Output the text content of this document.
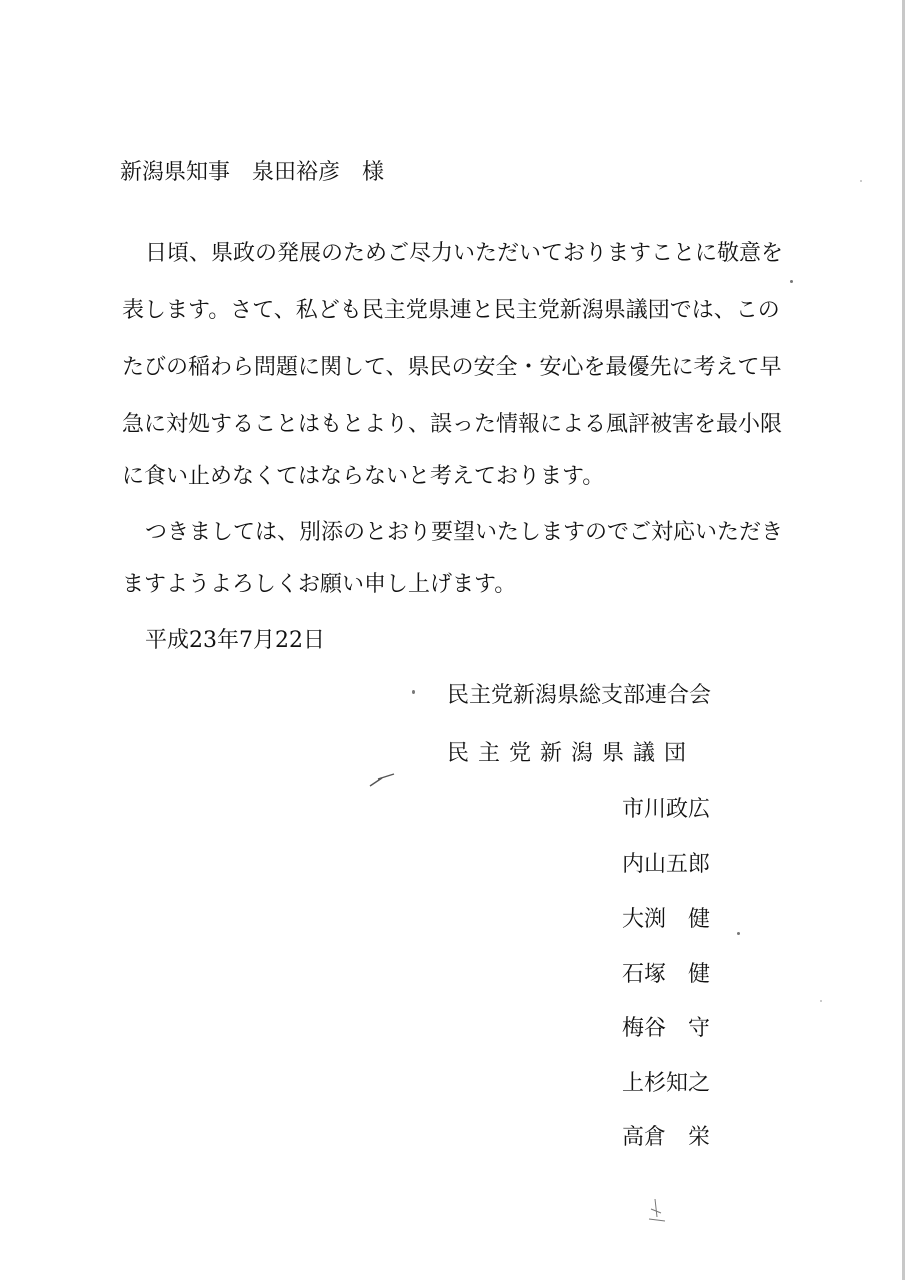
新潟県知事　泉田裕彦　様
日頃、県政の発展のためご尽力いただいておりますことに敬意を
表します。さて、私ども民主党県連と民主党新潟県議団では、この
たびの稲わら問題に関して、県民の安全・安心を最優先に考えて早
急に対処することはもとより、誤った情報による風評被害を最小限
に食い止めなくてはならないと考えております。
つきましては、別添のとおり要望いたしますのでご対応いただき
ますようよろしくお願い申し上げます。
平成23年7月22日
民主党新潟県総支部連合会
民主党新潟県議団
市川政広
内山五郎
大渕　健
石塚　健
梅谷　守
上杉知之
高倉　栄
